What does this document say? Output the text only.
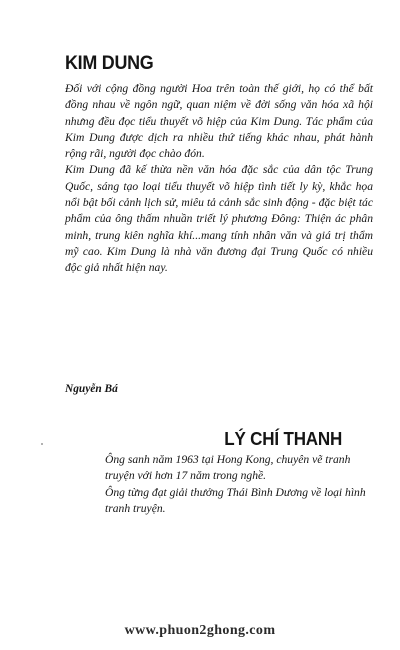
KIM DUNG

Đối với cộng đồng người Hoa trên toàn thế giới, họ có thể bất đồng nhau về ngôn ngữ, quan niệm về đời sống văn hóa xã hội nhưng đều đọc tiểu thuyết võ hiệp của Kim Dung. Tác phẩm của Kim Dung được dịch ra nhiều thứ tiếng khác nhau, phát hành rộng rãi, người đọc chào đón.

Kim Dung đã kế thừa nền văn hóa đặc sắc của dân tộc Trung Quốc, sáng tạo loại tiểu thuyết võ hiệp tình tiết ly kỳ, khắc họa nổi bật bối cảnh lịch sử, miêu tả cảnh sắc sinh động - đặc biệt tác phẩm của ông thấm nhuần triết lý phương Đông: Thiện ác phân minh, trung kiên nghĩa khí...mang tính nhân văn và giá trị thẩm mỹ cao. Kim Dung là nhà văn đương đại Trung Quốc có nhiều độc giả nhất hiện nay.

Nguyễn Bá
LÝ CHÍ THANH

Ông sanh năm 1963 tại Hong Kong, chuyên vẽ tranh truyện với hơn 17 năm trong nghề.

Ông từng đạt giải thưởng Thái Bình Dương về loại hình tranh truyện.

www.phuon2ghong.com
